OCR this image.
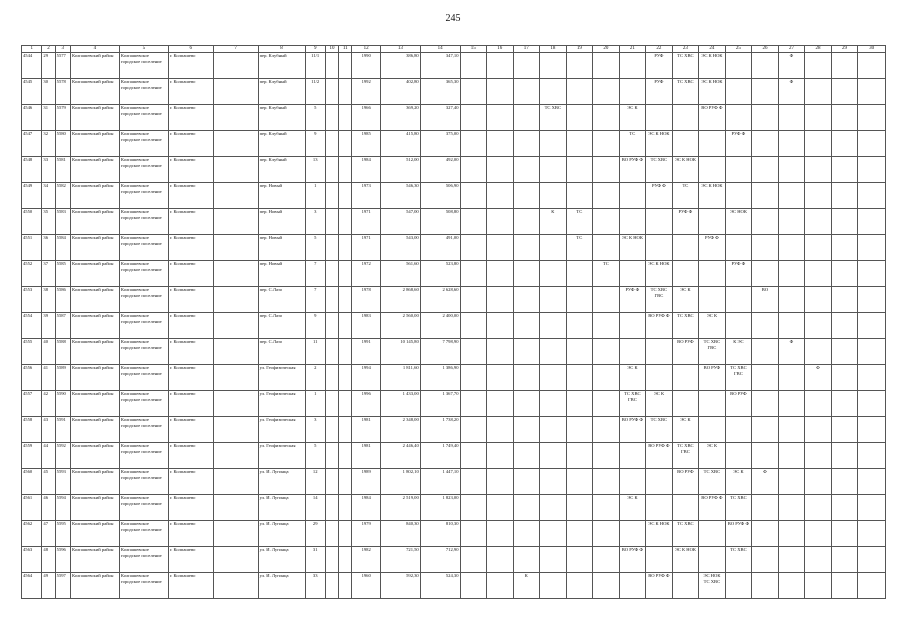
245
1	2	3	4	5	6	7	8	9	10	11	12	13	14	15	16	17	18	19	20	21	22	23	24	25	26	27	28	29	30
4544	29	5577	Колпашевский район	Колпашевское городское поселение	г. Колпашево		пер. Клубный	11/1			1990	386,80	347,10								РУФ	ТС ХВС	ЭС К НОК			Ф			
4545	30	5578	Колпашевский район	Колпашевское городское поселение	г. Колпашево		пер. Клубный	11/2			1992	402,80	365,30								РУФ	ТС ХВС	ЭС К НОК			Ф			
4546	31	5579	Колпашевский район	Колпашевское городское поселение	г. Колпашево		пер. Клубный	5			1966	369,20	327,40				ТС ХВС			ЭС К			ВО РУФ Ф						
4547	32	5580	Колпашевский район	Колпашевское городское поселение	г. Колпашево		пер. Клубный	9			1985	415,80	375,00							ТС	ЭС К НОК			РУФ Ф					
4548	33	5581	Колпашевский район	Колпашевское городское поселение	г. Колпашево		пер. Клубный	13			1984	512,00	492,00							ВО РУФ Ф	ТС ХВС	ЭС К НОК							
4549	34	5582	Колпашевский район	Колпашевское городское поселение	г. Колпашево		пер. Новый	1			1973	546,30	506,90								РУФ Ф	ТС	ЭС К НОК						
4550	35	5583	Колпашевский район	Колпашевское городское поселение	г. Колпашево		пер. Новый	3			1971	547,00	508,80				К	ТС				РУФ Ф		ЭС НОК					
4551	36	5584	Колпашевский район	Колпашевское городское поселение	г. Колпашево		пер. Новый	5			1971	543,00	491,00					ТС		ЭС К НОК			РУФ Ф						
4552	37	5585	Колпашевский район	Колпашевское городское поселение	г. Колпашево		пер. Новый	7			1972	561,60	523,80						ТС		ЭС К НОК			РУФ Ф					
4553	38	5586	Колпашевский район	Колпашевское городское поселение	г. Колпашево		пер. С.Лазо	7			1978	2 868,60	2 628,60							РУФ Ф	ТС ХВС ГВС	ЭС К			ВО				
4554	39	5587	Колпашевский район	Колпашевское городское поселение	г. Колпашево		пер. С.Лазо	9			1983	2 560,00	2 400,00								ВО РУФ Ф	ТС ХВС	ЭС К						
4555	40	5588	Колпашевский район	Колпашевское городское поселение	г. Колпашево		пер. С.Лазо	11			1991	10 145,80	7 798,90									ВО РУФ	ТС ХВС ГВС	К ЭС		Ф			
4556	41	5589	Колпашевский район	Колпашевское городское поселение	г. Колпашево		ул. Геофизическая	2			1994	1 811,60	1 386,90							ЭС К			ВО РУФ	ТС ХВС ГВС			Ф		
4557	42	5590	Колпашевский район	Колпашевское городское поселение	г. Колпашево		ул. Геофизическая	1			1996	1 433,00	1 367,70							ТС ХВС ГВС	ЭС К			ВО РУФ					
4558	43	5591	Колпашевский район	Колпашевское городское поселение	г. Колпашево		ул. Геофизическая	3			1981	2 348,00	1 738,20							ВО РУФ Ф	ТС ХВС	ЭС К							
4559	44	5592	Колпашевский район	Колпашевское городское поселение	г. Колпашево		ул. Геофизическая	5			1981	2 446,40	1 749,40								ВО РУФ Ф	ТС ХВС ГВС	ЭС К						
4560	45	5593	Колпашевский район	Колпашевское городское поселение	г. Колпашево		ул. И. Лугинца	12			1989	1 802,10	1 447,10									ВО РУФ	ТС ХВС	ЭС К	Ф				
4561	46	5594	Колпашевский район	Колпашевское городское поселение	г. Колпашево		ул. И. Лугинца	14			1984	2 519,00	1 823,00							ЭС К			ВО РУФ Ф	ТС ХВС					
4562	47	5595	Колпашевский район	Колпашевское городское поселение	г. Колпашево		ул. И. Лугинца	29			1979	840,30	810,30								ЭС К НОК	ТС ХВС		ВО РУФ Ф					
4563	48	5596	Колпашевский район	Колпашевское городское поселение	г. Колпашево		ул. И. Лугинца	31			1982	721,50	712,90							ВО РУФ Ф		ЭС К НОК		ТС ХВС					
4564	49	5597	Колпашевский район	Колпашевское городское поселение	г. Колпашево		ул. И. Лугинца	33			1960	592,30	524,30			К					ВО РУФ Ф		ЭС НОК ТС ХВС						
